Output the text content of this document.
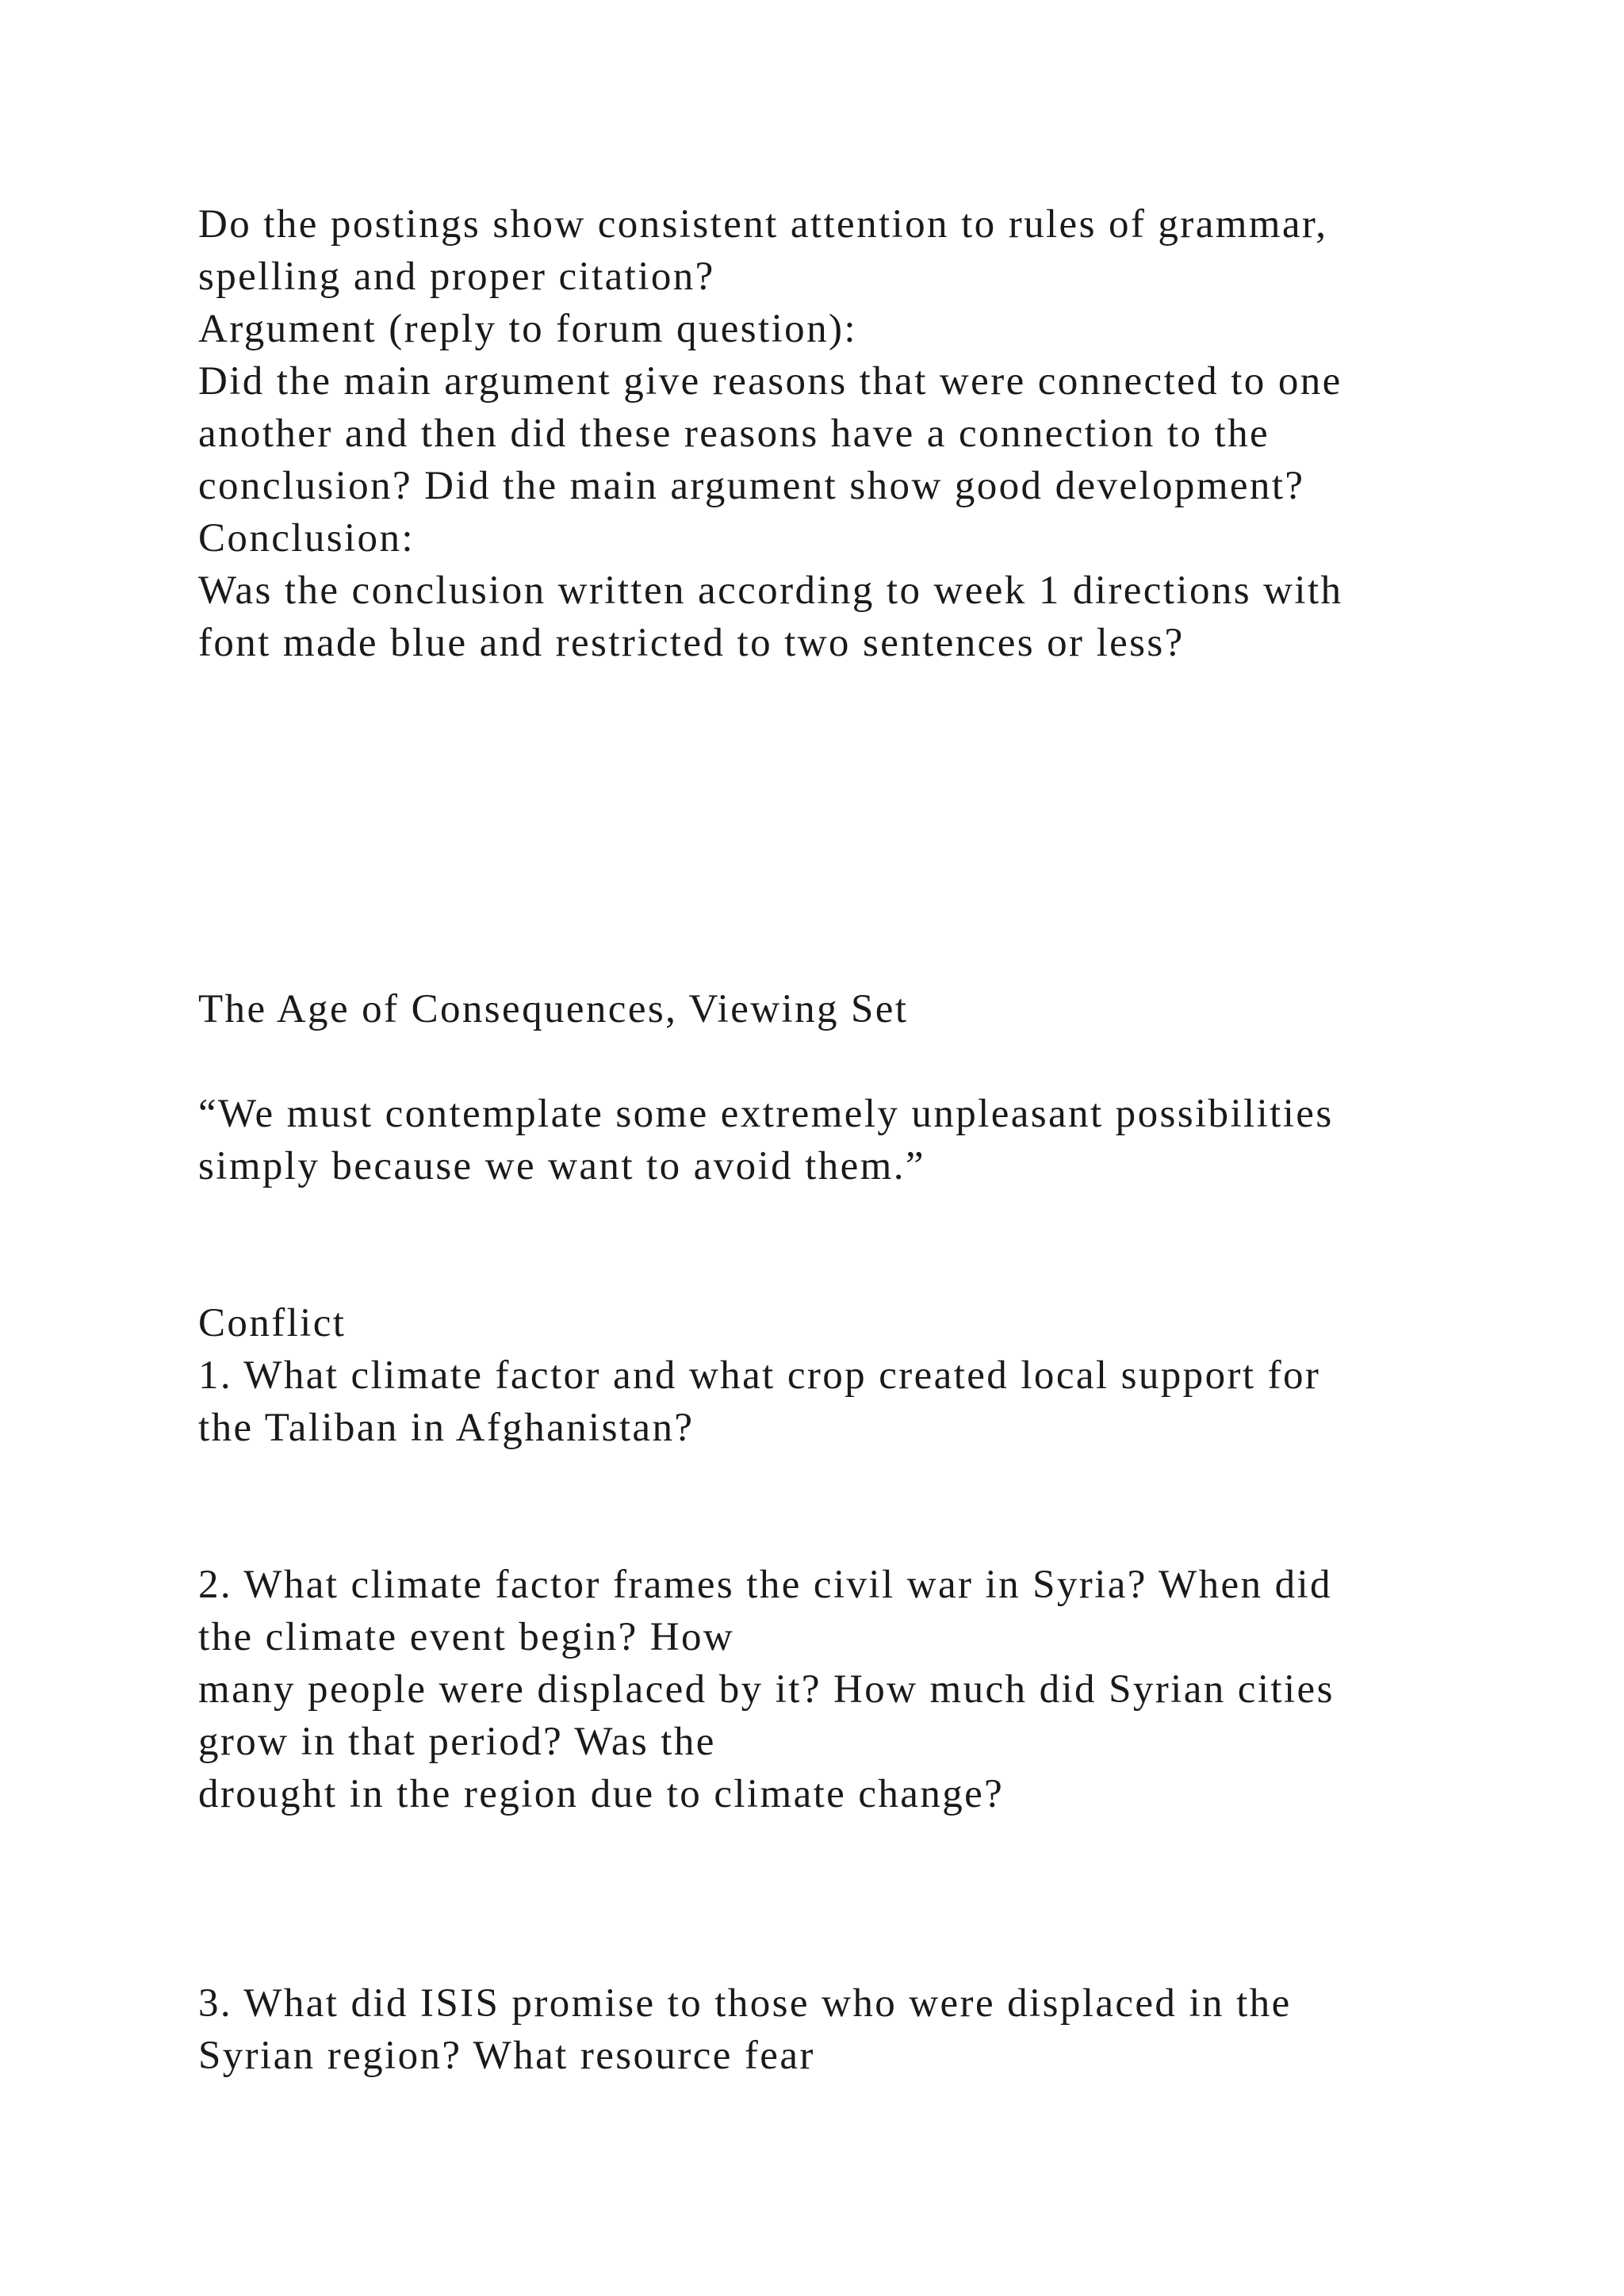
Do the postings show consistent attention to rules of grammar,

spelling and proper citation?

Argument (reply to forum question):

Did the main argument give reasons that were connected to one

another and then did these reasons have a connection to the

conclusion? Did the main argument show good development?

Conclusion:

Was the conclusion written according to week 1 directions with

font made blue and restricted to two sentences or less?

The Age of Consequences, Viewing Set

“We must contemplate some extremely unpleasant possibilities

simply because we want to avoid them.”

Conflict

1. What climate factor and what crop created local support for

the Taliban in Afghanistan?

2. What climate factor frames the civil war in Syria? When did

the climate event begin? How

many people were displaced by it? How much did Syrian cities

grow in that period? Was the

drought in the region due to climate change?

3. What did ISIS promise to those who were displaced in the

Syrian region? What resource fear
